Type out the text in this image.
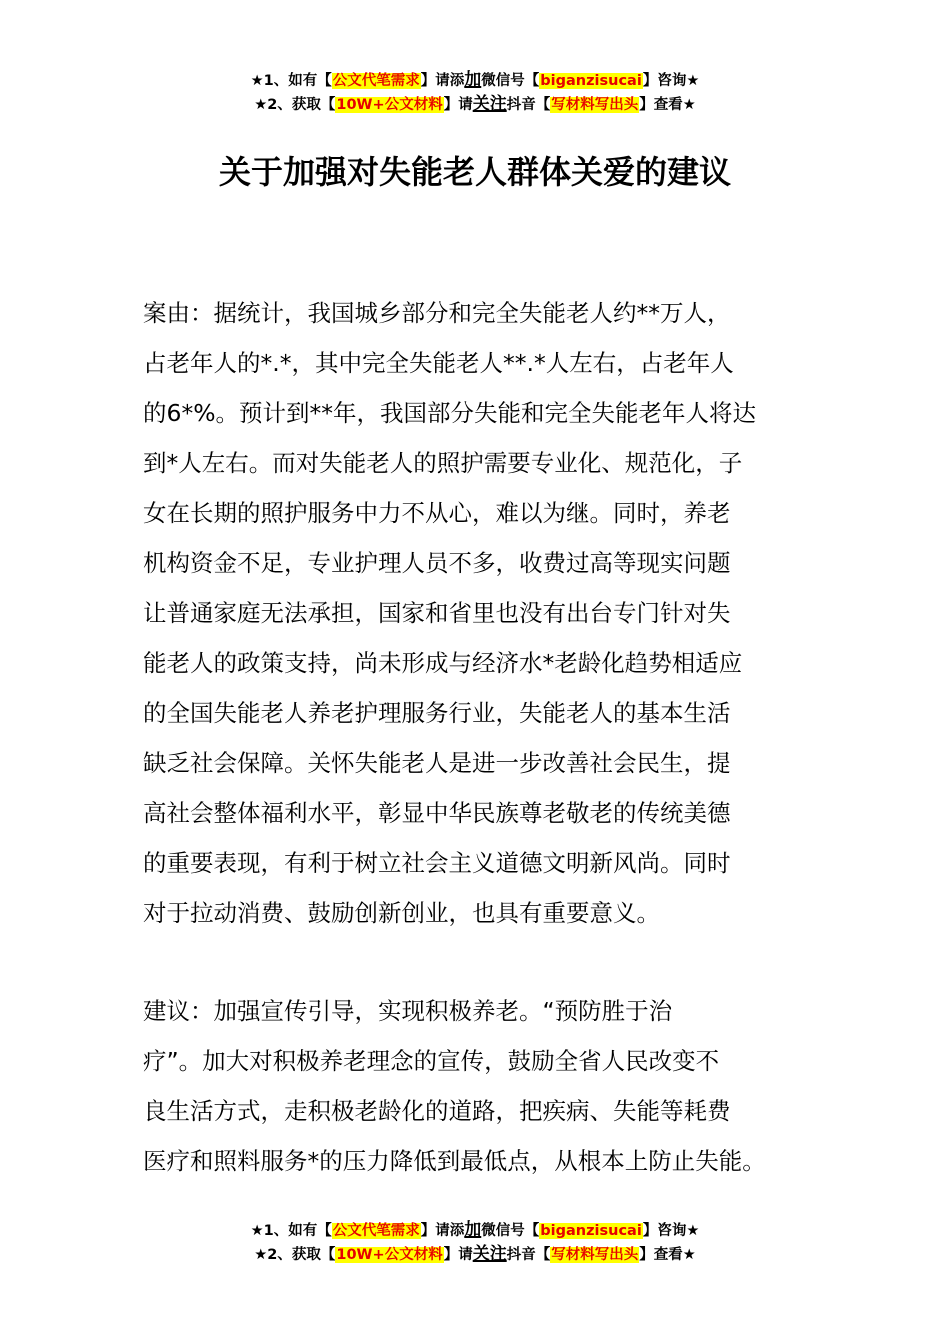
★1、如有【公文代笔需求】请添加微信号【biganzisucai】咨询★
★2、获取【10W+公文材料】请关注抖音【写材料写出头】查看★
关于加强对失能老人群体关爱的建议
案由：据统计，我国城乡部分和完全失能老人约**万人，
占老年人的*.*，其中完全失能老人**.*人左右，占老年人
的6*%。预计到**年，我国部分失能和完全失能老年人将达
到*人左右。而对失能老人的照护需要专业化、规范化，子
女在长期的照护服务中力不从心，难以为继。同时，养老
机构资金不足，专业护理人员不多，收费过高等现实问题
让普通家庭无法承担，国家和省里也没有出台专门针对失
能老人的政策支持，尚未形成与经济水*老龄化趋势相适应
的全国失能老人养老护理服务行业，失能老人的基本生活
缺乏社会保障。关怀失能老人是进一步改善社会民生，提
高社会整体福利水平，彰显中华民族尊老敬老的传统美德
的重要表现，有利于树立社会主义道德文明新风尚。同时
对于拉动消费、鼓励创新创业，也具有重要意义。
建议：加强宣传引导，实现积极养老。“预防胜于治
疗”。加大对积极养老理念的宣传，鼓励全省人民改变不
良生活方式，走积极老龄化的道路，把疾病、失能等耗费
医疗和照料服务*的压力降低到最低点，从根本上防止失能。
★1、如有【公文代笔需求】请添加微信号【biganzisucai】咨询★
★2、获取【10W+公文材料】请关注抖音【写材料写出头】查看★
